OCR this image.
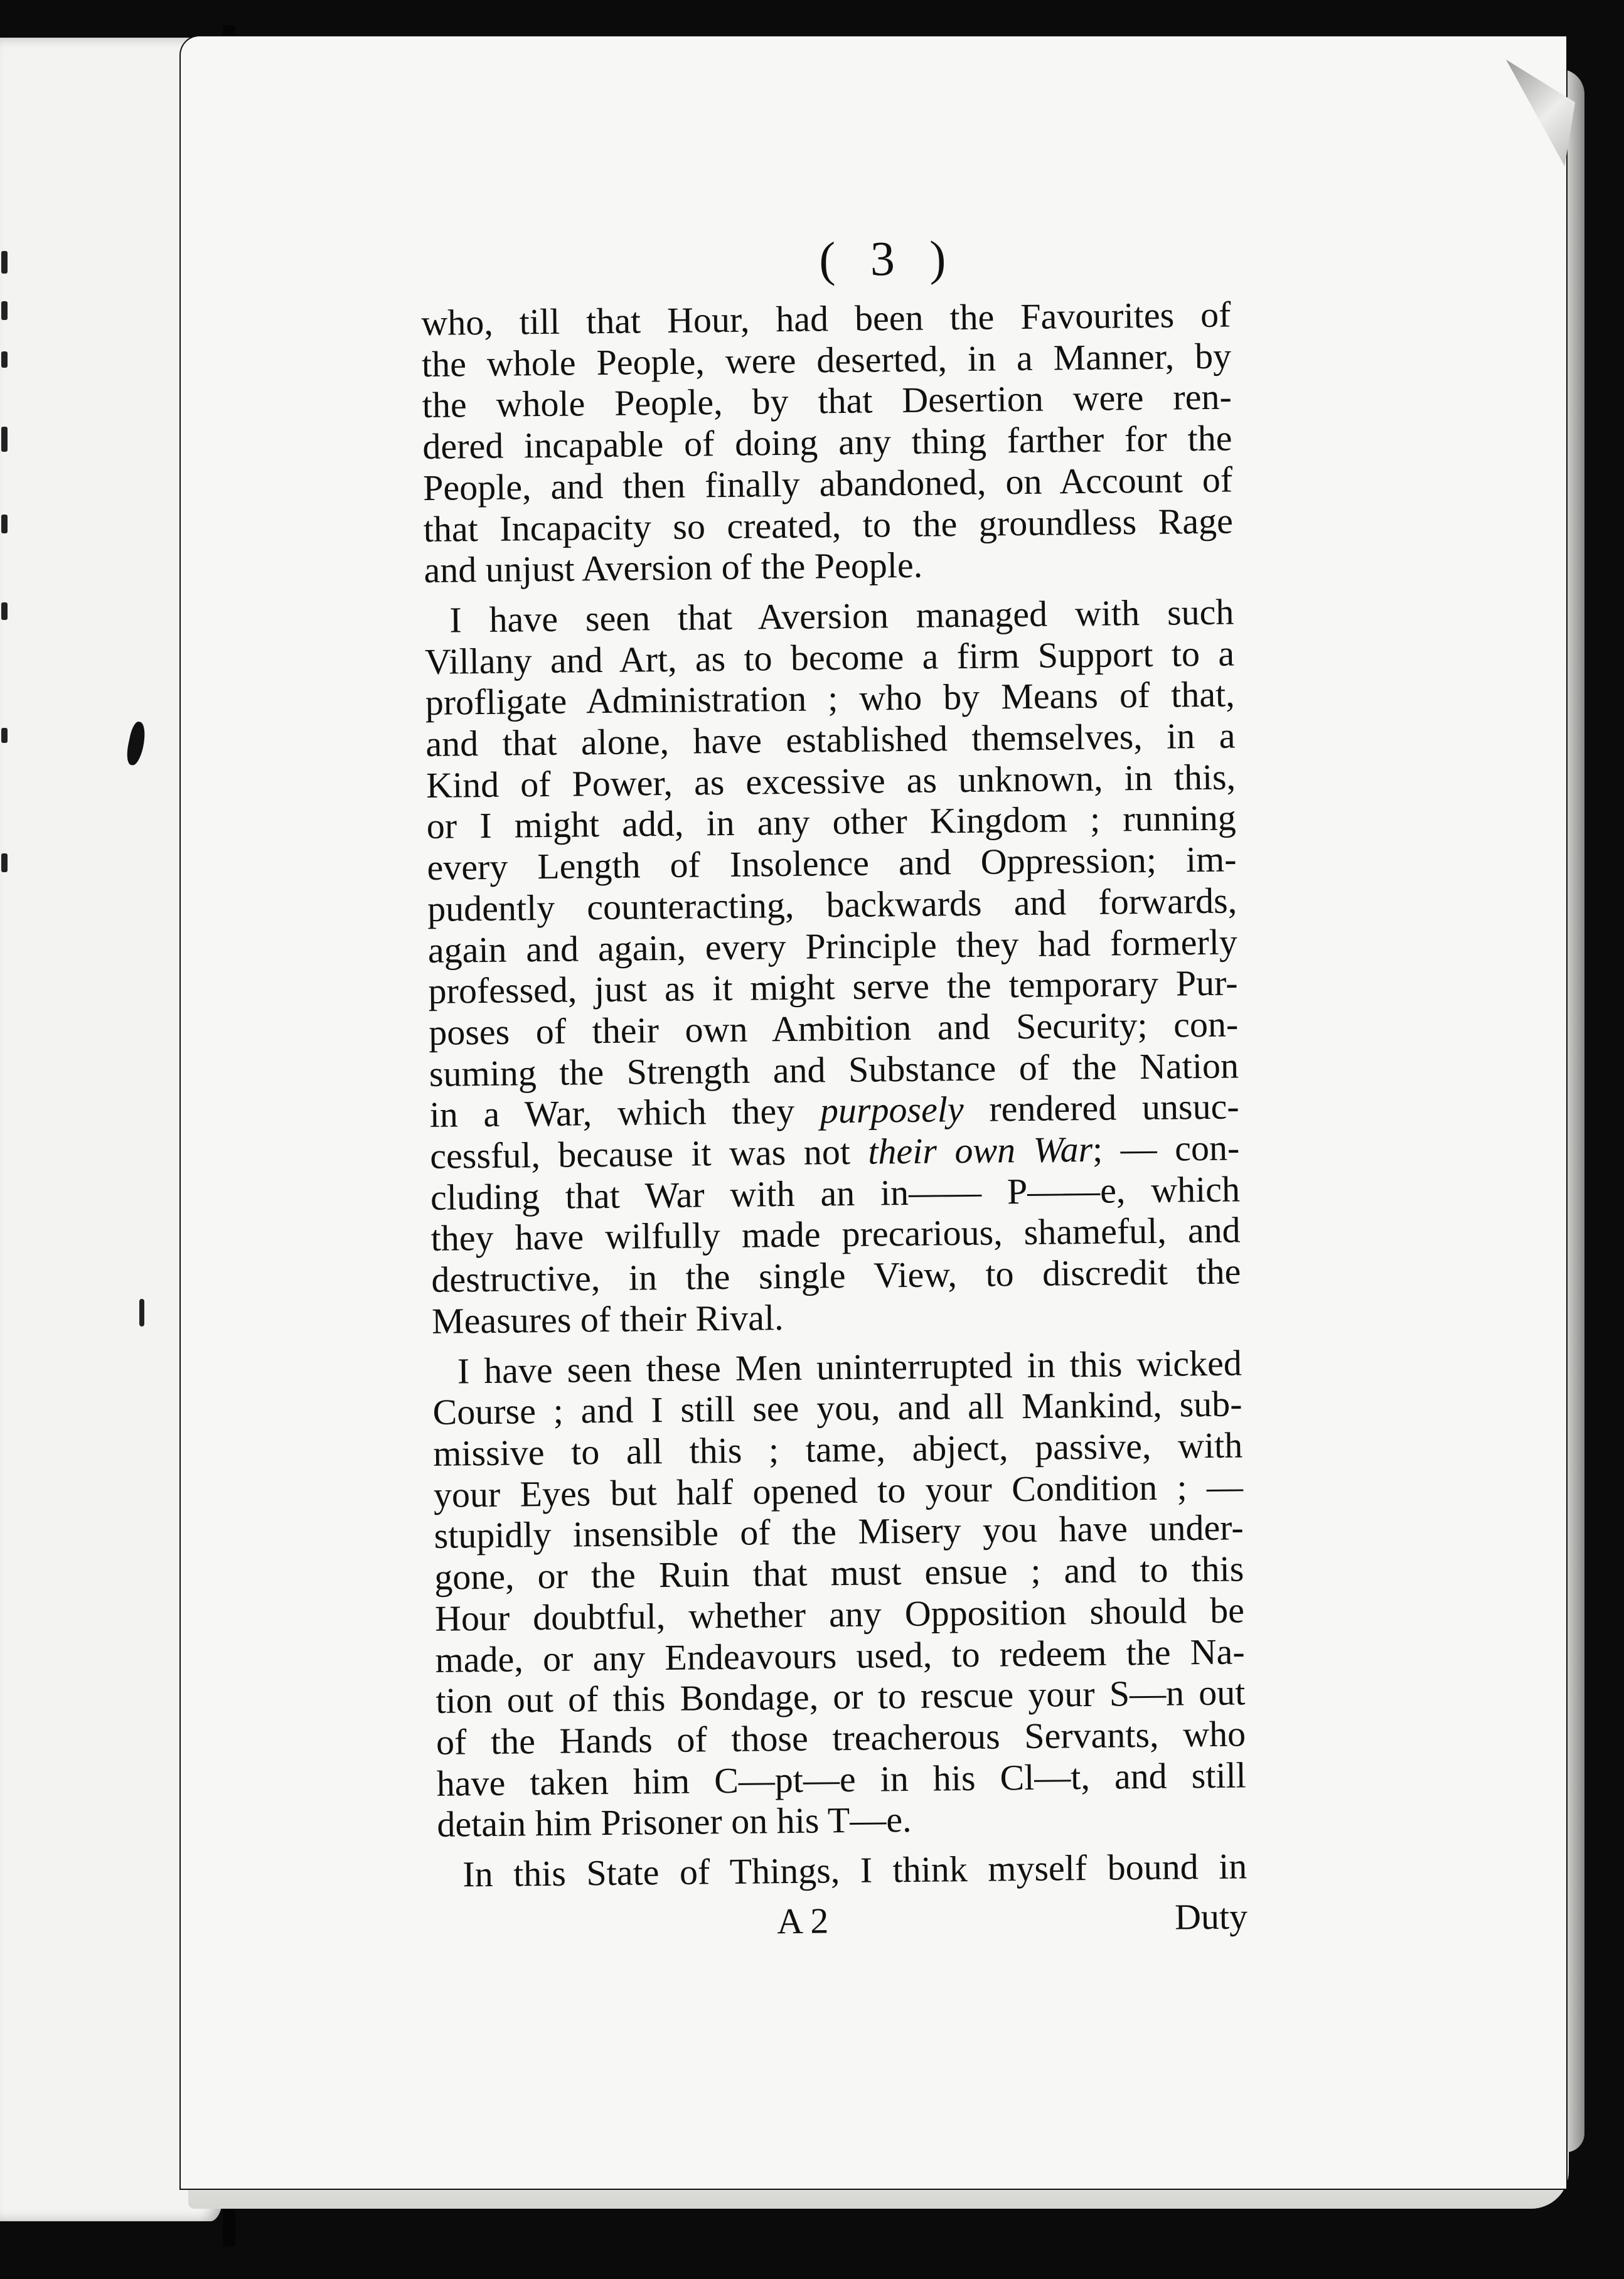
( 3 )
who, till that Hour, had been the Favourites of
the whole People, were deserted, in a Manner, by
the whole People, by that Desertion were ren-
dered incapable of doing any thing farther for the
People, and then finally abandoned, on Account of
that Incapacity so created, to the groundless Rage
and unjust Aversion of the People.
I have seen that Aversion managed with such
Villany and Art, as to become a firm Support to a
profligate Administration ; who by Means of that,
and that alone, have established themselves, in a
Kind of Power, as excessive as unknown, in this,
or I might add, in any other Kingdom ; running
every Length of Insolence and Oppression; im-
pudently counteracting, backwards and forwards,
again and again, every Principle they had formerly
professed, just as it might serve the temporary Pur-
poses of their own Ambition and Security; con-
suming the Strength and Substance of the Nation
in a War, which they purposely rendered unsuc-
cessful, because it was not their own War; — con-
cluding that War with an in—— P——e, which
they have wilfully made precarious, shameful, and
destructive, in the single View, to discredit the
Measures of their Rival.
I have seen these Men uninterrupted in this wicked
Course ; and I still see you, and all Mankind, sub-
missive to all this ; tame, abject, passive, with
your Eyes but half opened to your Condition ; —
stupidly insensible of the Misery you have under-
gone, or the Ruin that must ensue ; and to this
Hour doubtful, whether any Opposition should be
made, or any Endeavours used, to redeem the Na-
tion out of this Bondage, or to rescue your S—n out
of the Hands of those treacherous Servants, who
have taken him C—pt—e in his Cl—t, and still
detain him Prisoner on his T—e.
In this State of Things, I think myself bound in
A 2	Duty
